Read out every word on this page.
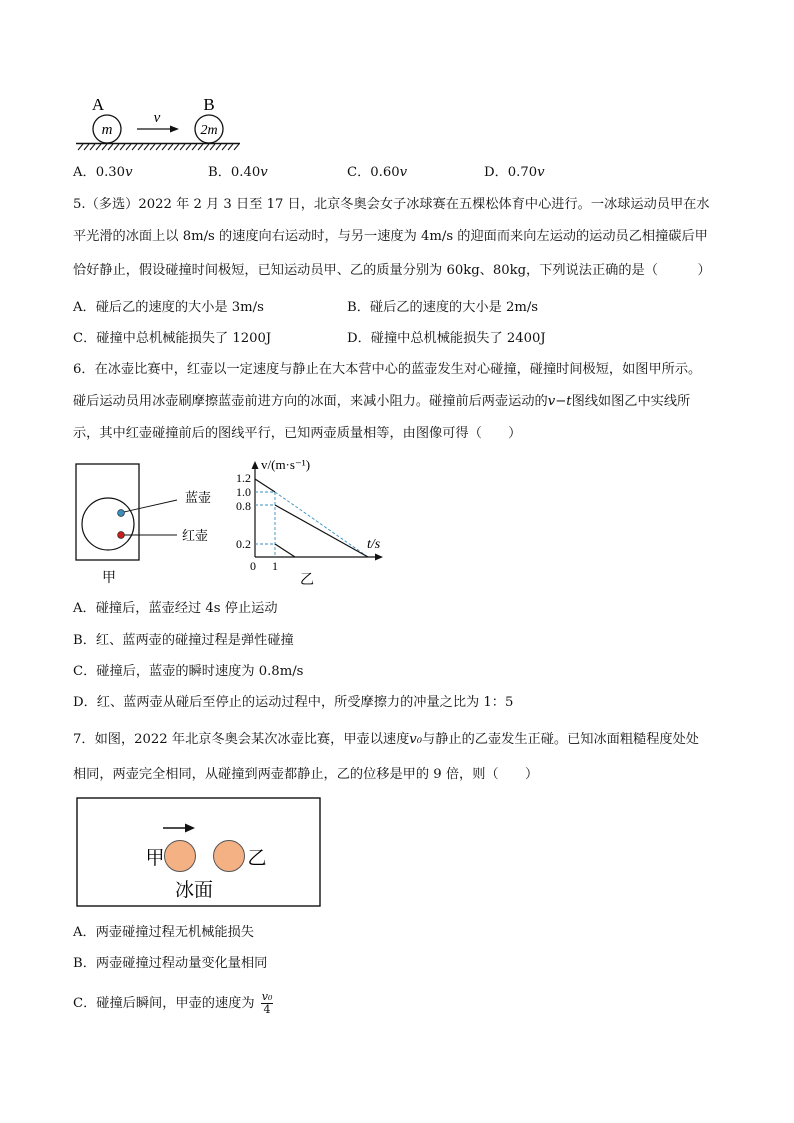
A	B
m	2m
v
A．0.30v	B．0.40v	C．0.60v	D．0.70v
5.（多选）2022 年 2 月 3 日至 17 日，北京冬奥会女子冰球赛在五棵松体育中心进行。一冰球运动员甲在水
平光滑的冰面上以 8m/s 的速度向右运动时，与另一速度为 4m/s 的迎面而来向左运动的运动员乙相撞碳后甲
恰好静止，假设碰撞时间极短，已知运动员甲、乙的质量分别为 60kg、80kg，下列说法正确的是（　　　）
A．碰后乙的速度的大小是 3m/s	B．碰后乙的速度的大小是 2m/s
C．碰撞中总机械能损失了 1200J	D．碰撞中总机械能损失了 2400J
6．在冰壶比赛中，红壶以一定速度与静止在大本营中心的蓝壶发生对心碰撞，碰撞时间极短，如图甲所示。
碰后运动员用冰壶刷摩擦蓝壶前进方向的冰面，来减小阻力。碰撞前后两壶运动的v−t图线如图乙中实线所
示，其中红壶碰撞前后的图线平行，已知两壶质量相等，由图像可得（　　）
蓝壶
红壶
甲
v/(m·s⁻¹)
t/s
1.2
1.0
0.8
0.2
0 1
乙
A．碰撞后，蓝壶经过 4s 停止运动
B．红、蓝两壶的碰撞过程是弹性碰撞
C．碰撞后，蓝壶的瞬时速度为 0.8m/s
D．红、蓝两壶从碰后至停止的运动过程中，所受摩擦力的冲量之比为 1：5
7．如图，2022 年北京冬奥会某次冰壶比赛，甲壶以速度v₀与静止的乙壶发生正碰。已知冰面粗糙程度处处
相同，两壶完全相同，从碰撞到两壶都静止，乙的位移是甲的 9 倍，则（　　）
甲	乙
冰面
A．两壶碰撞过程无机械能损失
B．两壶碰撞过程动量变化量相同
C．碰撞后瞬间，甲壶的速度为 $\frac{\text{v₀}}{4}$
